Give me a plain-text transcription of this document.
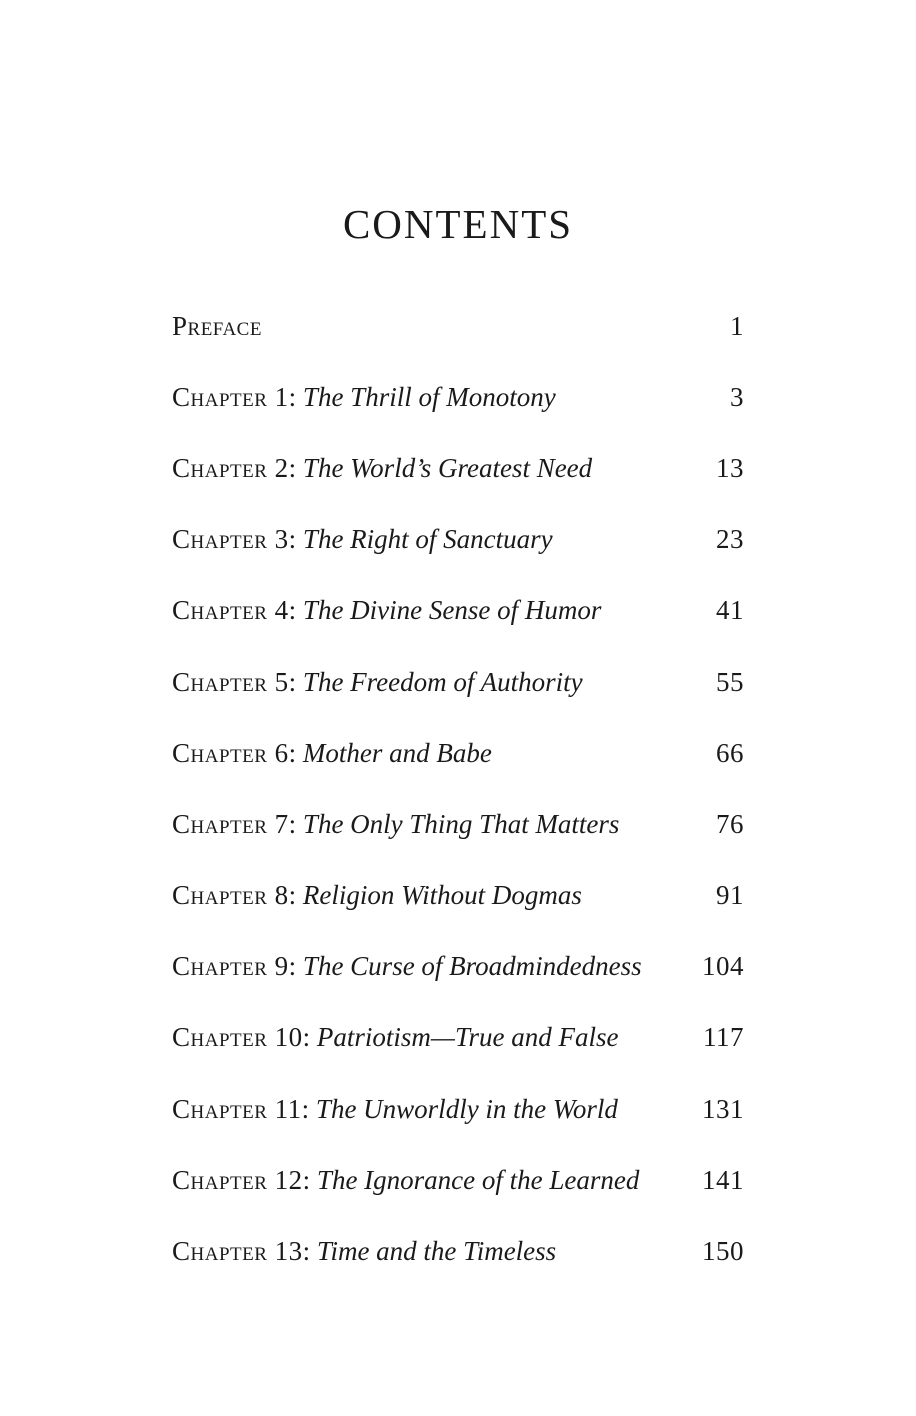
CONTENTS
Preface	1
Chapter 1: The Thrill of Monotony	3
Chapter 2: The World’s Greatest Need	13
Chapter 3: The Right of Sanctuary	23
Chapter 4: The Divine Sense of Humor	41
Chapter 5: The Freedom of Authority	55
Chapter 6: Mother and Babe	66
Chapter 7: The Only Thing That Matters	76
Chapter 8: Religion Without Dogmas	91
Chapter 9: The Curse of Broadmindedness 104
Chapter 10: Patriotism—True and False	117
Chapter 11: The Unworldly in the World	131
Chapter 12: The Ignorance of the Learned 141
Chapter 13: Time and the Timeless	150
